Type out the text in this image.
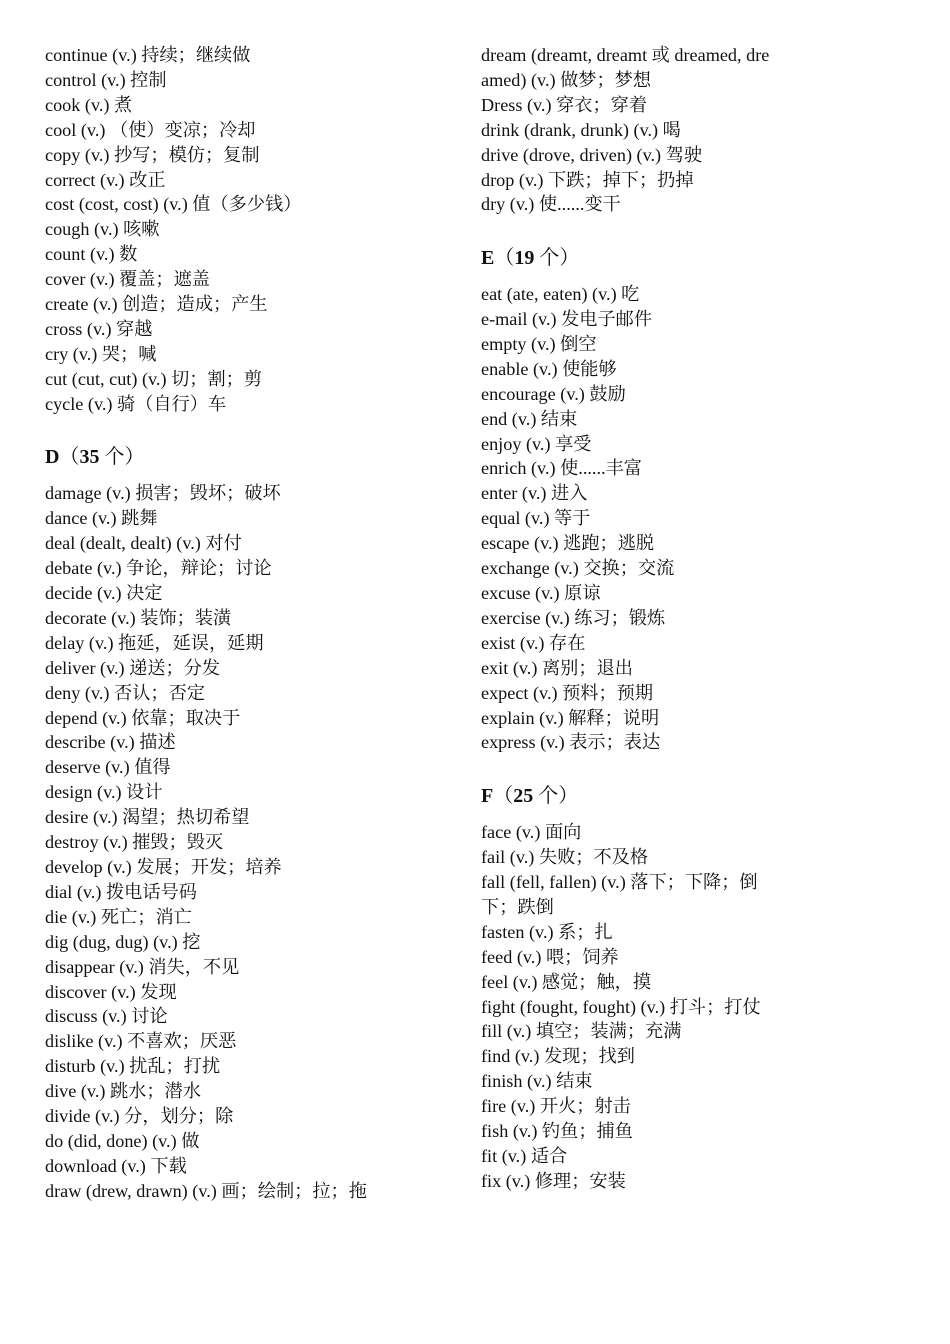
continue (v.) 持续；继续做
control (v.) 控制
cook (v.) 煮
cool (v.) （使）变凉；冷却
copy (v.) 抄写；模仿；复制
correct (v.) 改正
cost (cost, cost) (v.) 值（多少钱）
cough (v.) 咳嗽
count (v.) 数
cover (v.) 覆盖；遮盖
create (v.) 创造；造成；产生
cross (v.) 穿越
cry (v.) 哭；喊
cut (cut, cut) (v.) 切；割；剪
cycle (v.) 骑（自行）车
D（35 个）
damage (v.) 损害；毁坏；破坏
dance (v.) 跳舞
deal (dealt, dealt) (v.) 对付
debate (v.) 争论，辩论；讨论
decide (v.) 决定
decorate (v.) 装饰；装潢
delay (v.) 拖延，延误，延期
deliver (v.) 递送；分发
deny (v.) 否认；否定
depend (v.) 依靠；取决于
describe (v.) 描述
deserve (v.) 值得
design (v.) 设计
desire (v.) 渴望；热切希望
destroy (v.) 摧毁；毁灭
develop (v.) 发展；开发；培养
dial (v.) 拨电话号码
die (v.) 死亡；消亡
dig (dug, dug) (v.) 挖
disappear (v.) 消失，不见
discover (v.) 发现
discuss (v.) 讨论
dislike (v.) 不喜欢；厌恶
disturb (v.) 扰乱；打扰
dive (v.) 跳水；潜水
divide (v.) 分，划分；除
do (did, done) (v.) 做
download (v.) 下载
draw (drew, drawn) (v.) 画；绘制；拉；拖
dream (dreamt, dreamt 或 dreamed, dreamed) (v.) 做梦；梦想
Dress (v.) 穿衣；穿着
drink (drank, drunk) (v.) 喝
drive (drove, driven) (v.) 驾驶
drop (v.) 下跌；掉下；扔掉
dry (v.) 使......变干
E（19 个）
eat (ate, eaten) (v.) 吃
e-mail (v.) 发电子邮件
empty (v.) 倒空
enable (v.) 使能够
encourage (v.) 鼓励
end (v.) 结束
enjoy (v.) 享受
enrich (v.) 使......丰富
enter (v.) 进入
equal (v.) 等于
escape (v.) 逃跑；逃脱
exchange (v.) 交换；交流
excuse (v.) 原谅
exercise (v.) 练习；锻炼
exist (v.) 存在
exit (v.) 离别；退出
expect (v.) 预料；预期
explain (v.) 解释；说明
express (v.) 表示；表达
F（25 个）
face (v.) 面向
fail (v.) 失败；不及格
fall (fell, fallen) (v.) 落下；下降；倒下；跌倒
fasten (v.) 系；扎
feed (v.) 喂；饲养
feel (v.) 感觉；触，摸
fight (fought, fought) (v.) 打斗；打仗
fill (v.) 填空；装满；充满
find (v.) 发现；找到
finish (v.) 结束
fire (v.) 开火；射击
fish (v.) 钓鱼；捕鱼
fit (v.) 适合
fix (v.) 修理；安装
